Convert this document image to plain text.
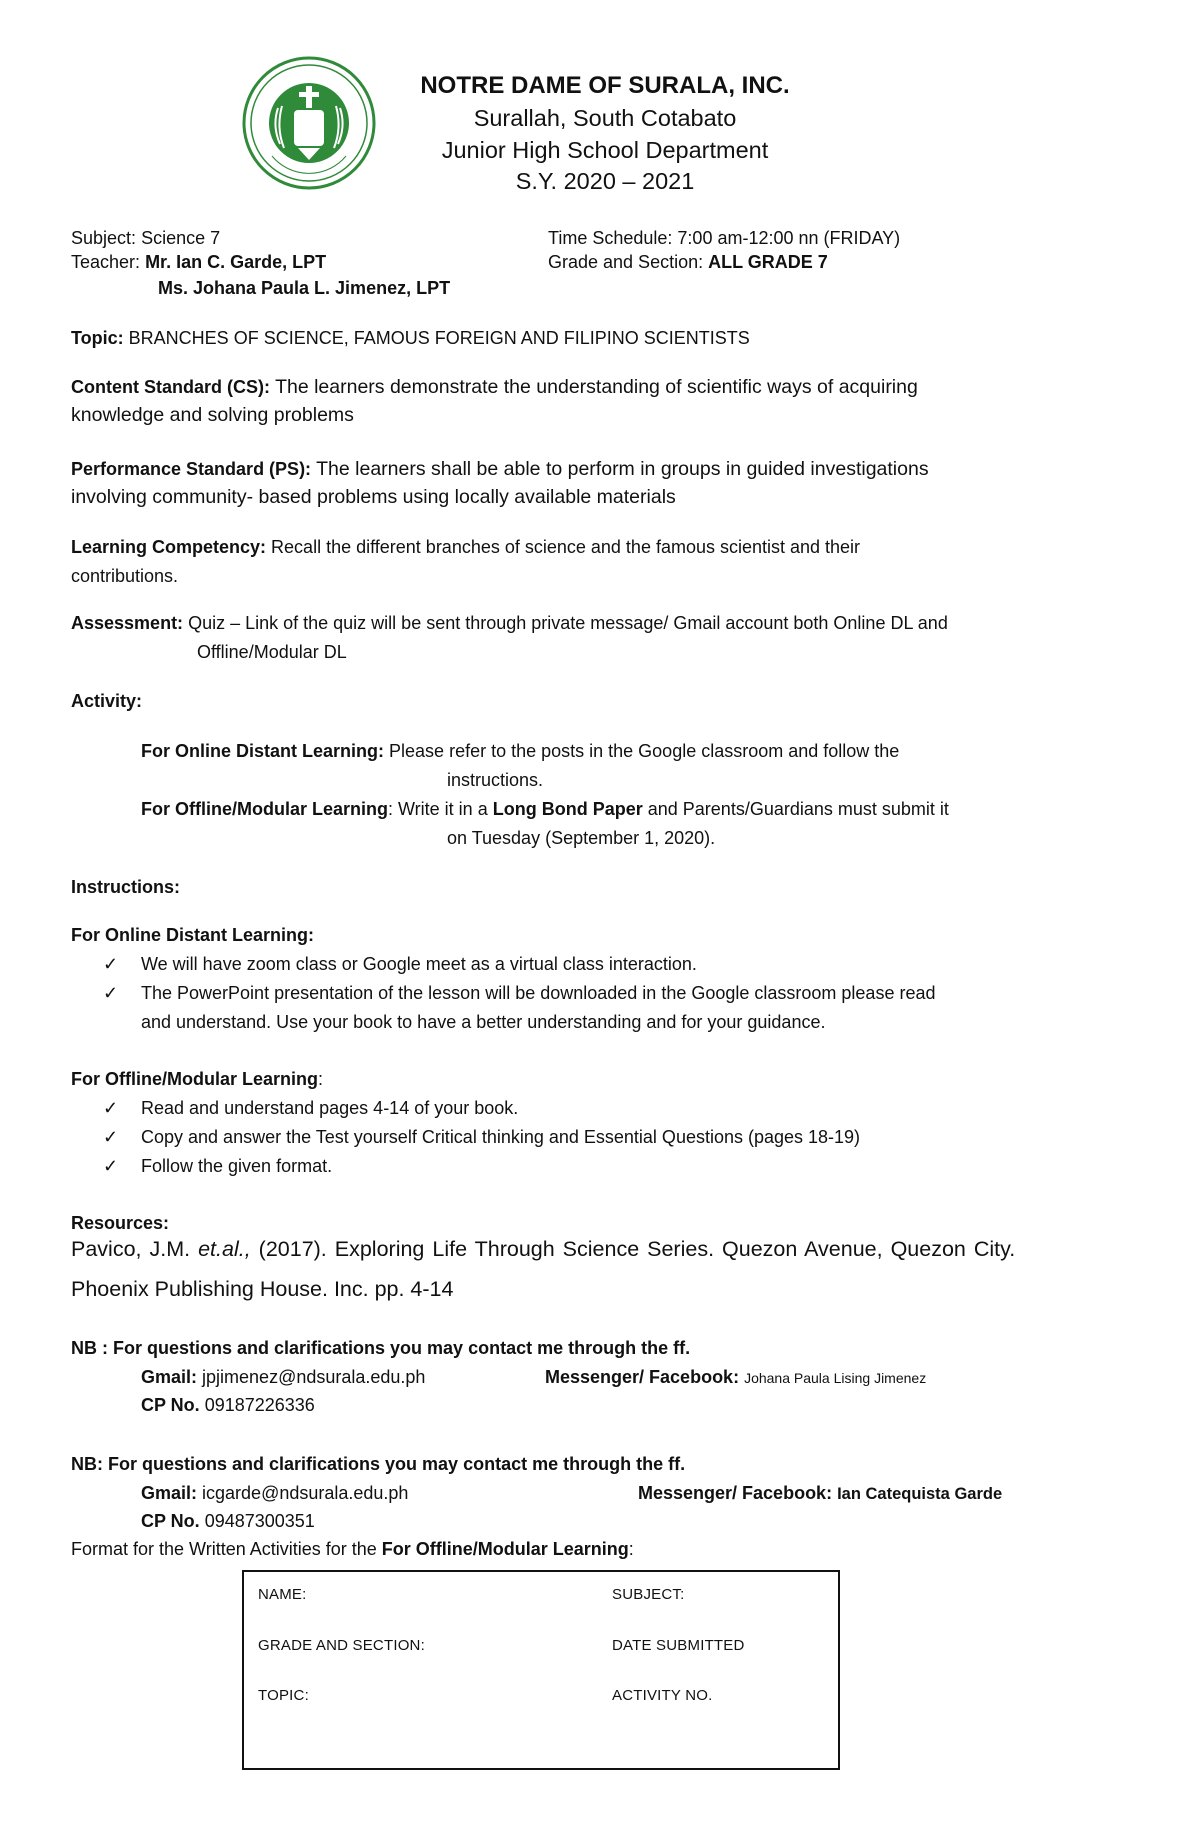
NOTRE DAME OF SURALA, INC.
Surallah, South Cotabato
Junior High School Department
S.Y. 2020 – 2021
Subject: Science 7	Time Schedule: 7:00 am-12:00 nn (FRIDAY)
Teacher: Mr. Ian C. Garde, LPT	Grade and Section: ALL GRADE 7
Ms. Johana Paula L. Jimenez, LPT
Topic: BRANCHES OF SCIENCE, FAMOUS FOREIGN AND FILIPINO SCIENTISTS
Content Standard (CS): The learners demonstrate the understanding of scientific ways of acquiring
knowledge and solving problems
Performance Standard (PS): The learners shall be able to perform in groups in guided investigations
involving community- based problems using locally available materials
Learning Competency: Recall the different branches of science and the famous scientist and their
contributions.
Assessment: Quiz – Link of the quiz will be sent through private message/ Gmail account both Online DL and
Offline/Modular DL
Activity:
For Online Distant Learning: Please refer to the posts in the Google classroom and follow the
instructions.
For Offline/Modular Learning: Write it in a Long Bond Paper and Parents/Guardians must submit it
on Tuesday (September 1, 2020).
Instructions:
For Online Distant Learning:
✓ We will have zoom class or Google meet as a virtual class interaction.
✓ The PowerPoint presentation of the lesson will be downloaded in the Google classroom please read
and understand. Use your book to have a better understanding and for your guidance.
For Offline/Modular Learning:
✓ Read and understand pages 4-14 of your book.
✓ Copy and answer the Test yourself Critical thinking and Essential Questions (pages 18-19)
✓ Follow the given format.
Resources:
Pavico, J.M. et.al., (2017). Exploring Life Through Science Series. Quezon Avenue, Quezon City.
Phoenix Publishing House. Inc. pp. 4-14
NB : For questions and clarifications you may contact me through the ff.
Gmail: jpjimenez@ndsurala.edu.ph	Messenger/ Facebook: Johana Paula Lising Jimenez
CP No. 09187226336
NB: For questions and clarifications you may contact me through the ff.
Gmail: icgarde@ndsurala.edu.ph	Messenger/ Facebook: Ian Catequista Garde
CP No. 09487300351
Format for the Written Activities for the For Offline/Modular Learning:
NAME:	SUBJECT:
GRADE AND SECTION:	DATE SUBMITTED
TOPIC:	ACTIVITY NO.
